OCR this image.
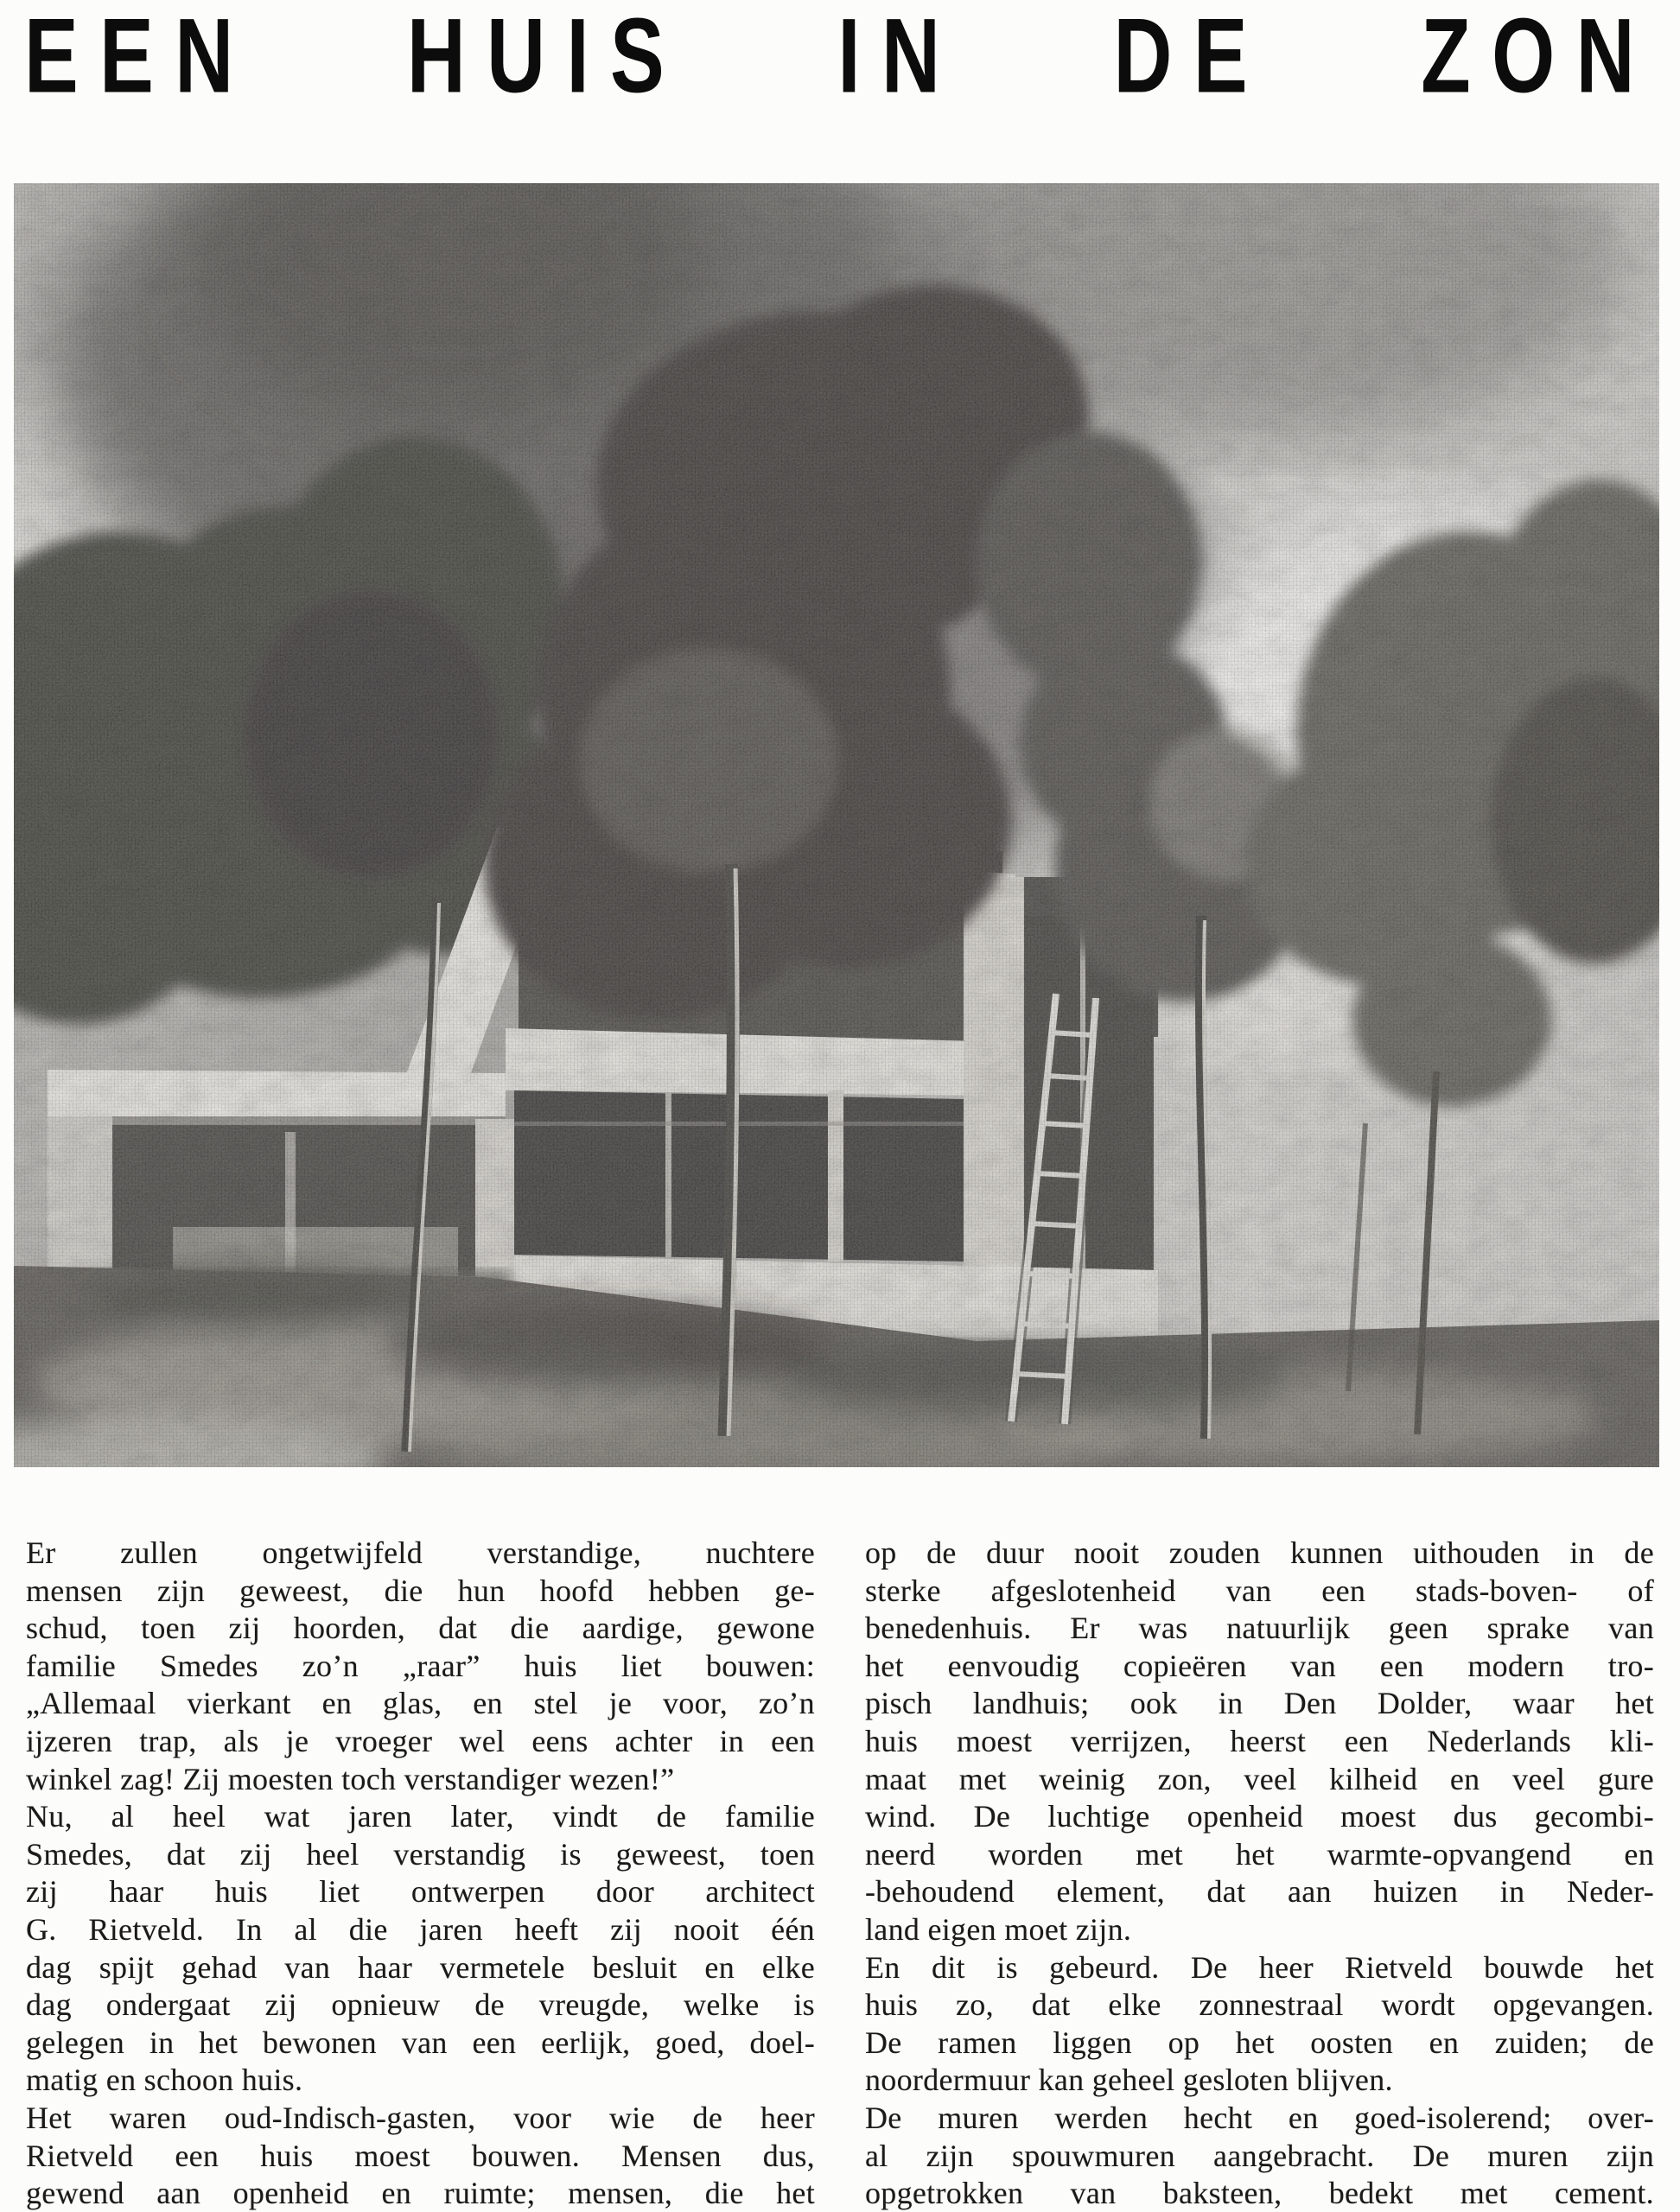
EEN HUIS IN DE ZON
Er zullen ongetwijfeld verstandige, nuchtere
mensen zijn geweest, die hun hoofd hebben ge-
schud, toen zij hoorden, dat die aardige, gewone
familie Smedes zo’n „raar” huis liet bouwen:
„Allemaal vierkant en glas, en stel je voor, zo’n
ijzeren trap, als je vroeger wel eens achter in een
winkel zag! Zij moesten toch verstandiger wezen!”
Nu, al heel wat jaren later, vindt de familie
Smedes, dat zij heel verstandig is geweest, toen
zij haar huis liet ontwerpen door architect
G. Rietveld. In al die jaren heeft zij nooit één
dag spijt gehad van haar vermetele besluit en elke
dag ondergaat zij opnieuw de vreugde, welke is
gelegen in het bewonen van een eerlijk, goed, doel-
matig en schoon huis.
Het waren oud-Indisch-gasten, voor wie de heer
Rietveld een huis moest bouwen. Mensen dus,
gewend aan openheid en ruimte; mensen, die het
op de duur nooit zouden kunnen uithouden in de
sterke afgeslotenheid van een stads-boven- of
benedenhuis. Er was natuurlijk geen sprake van
het eenvoudig copieëren van een modern tro-
pisch landhuis; ook in Den Dolder, waar het
huis moest verrijzen, heerst een Nederlands kli-
maat met weinig zon, veel kilheid en veel gure
wind. De luchtige openheid moest dus gecombi-
neerd worden met het warmte-opvangend en
-behoudend element, dat aan huizen in Neder-
land eigen moet zijn.
En dit is gebeurd. De heer Rietveld bouwde het
huis zo, dat elke zonnestraal wordt opgevangen.
De ramen liggen op het oosten en zuiden; de
noordermuur kan geheel gesloten blijven.
De muren werden hecht en goed-isolerend; over-
al zijn spouwmuren aangebracht. De muren zijn
opgetrokken van baksteen, bedekt met cement.
